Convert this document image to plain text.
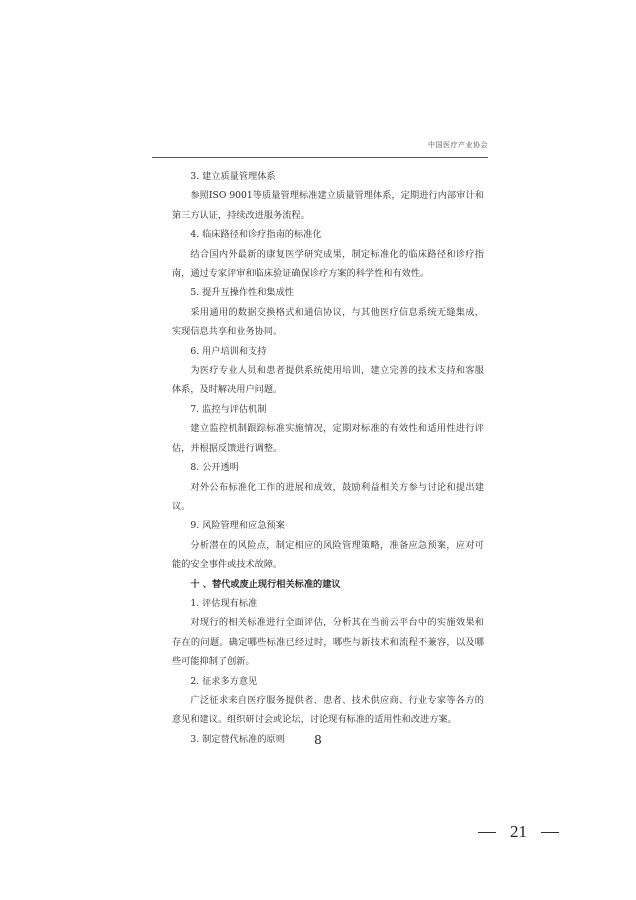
中国医疗产业协会

3. 建立质量管理体系

参照ISO 9001等质量管理标准建立质量管理体系，定期进行内部审计和第三方认证，持续改进服务流程。

4. 临床路径和诊疗指南的标准化

结合国内外最新的康复医学研究成果，制定标准化的临床路径和诊疗指南，通过专家评审和临床验证确保诊疗方案的科学性和有效性。

5. 提升互操作性和集成性

采用通用的数据交换格式和通信协议，与其他医疗信息系统无缝集成，实现信息共享和业务协同。

6. 用户培训和支持

为医疗专业人员和患者提供系统使用培训，建立完善的技术支持和客服体系，及时解决用户问题。

7. 监控与评估机制

建立监控机制跟踪标准实施情况，定期对标准的有效性和适用性进行评估，并根据反馈进行调整。

8. 公开透明

对外公布标准化工作的进展和成效，鼓励利益相关方参与讨论和提出建议。

9. 风险管理和应急预案

分析潜在的风险点，制定相应的风险管理策略，准备应急预案，应对可能的安全事件或技术故障。

十 、替代或废止现行相关标准的建议

1. 评估现有标准

对现行的相关标准进行全面评估，分析其在当前云平台中的实施效果和存在的问题。确定哪些标准已经过时，哪些与新技术和流程不兼容，以及哪些可能抑制了创新。

2. 征求多方意见

广泛征求来自医疗服务提供者、患者、技术供应商、行业专家等各方的意见和建议。组织研讨会或论坛，讨论现有标准的适用性和改进方案。

3. 制定替代标准的原则	8
21
